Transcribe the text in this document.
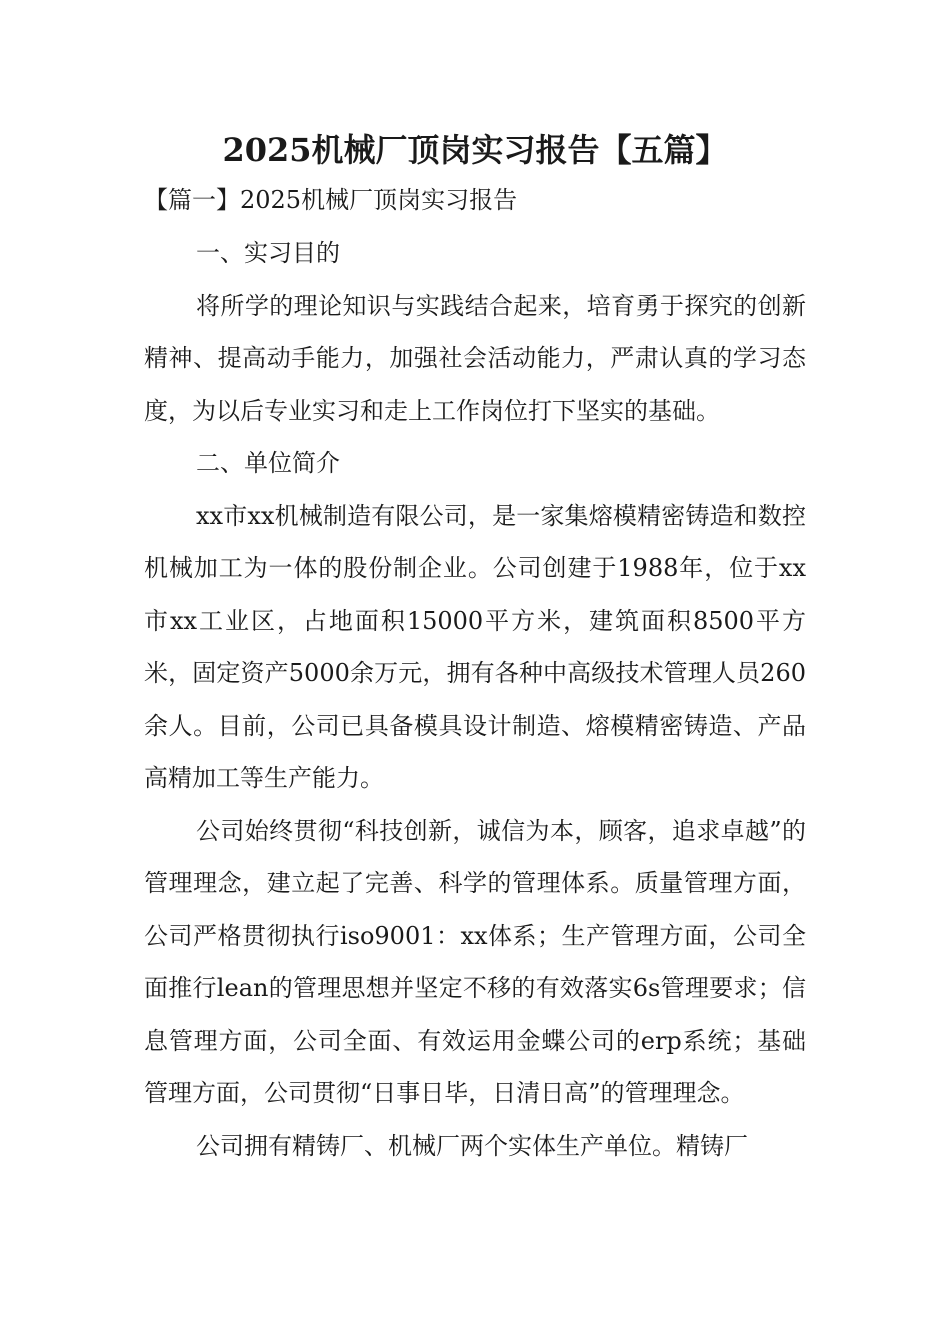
2025机械厂顶岗实习报告【五篇】
【篇一】2025机械厂顶岗实习报告

一、实习目的

将所学的理论知识与实践结合起来，培育勇于探究的创新精神、提高动手能力，加强社会活动能力，严肃认真的学习态度，为以后专业实习和走上工作岗位打下坚实的基础。

二、单位简介

xx市xx机械制造有限公司，是一家集熔模精密铸造和数控机械加工为一体的股份制企业。公司创建于1988年，位于xx市xx工业区，占地面积15000平方米，建筑面积8500平方米，固定资产5000余万元，拥有各种中高级技术管理人员260余人。目前，公司已具备模具设计制造、熔模精密铸造、产品高精加工等生产能力。

公司始终贯彻“科技创新，诚信为本，顾客，追求卓越”的管理理念，建立起了完善、科学的管理体系。质量管理方面，公司严格贯彻执行iso9001：xx体系；生产管理方面，公司全面推行lean的管理思想并坚定不移的有效落实6s管理要求；信息管理方面，公司全面、有效运用金蝶公司的erp系统；基础管理方面，公司贯彻“日事日毕，日清日高”的管理理念。

公司拥有精铸厂、机械厂两个实体生产单位。精铸厂
